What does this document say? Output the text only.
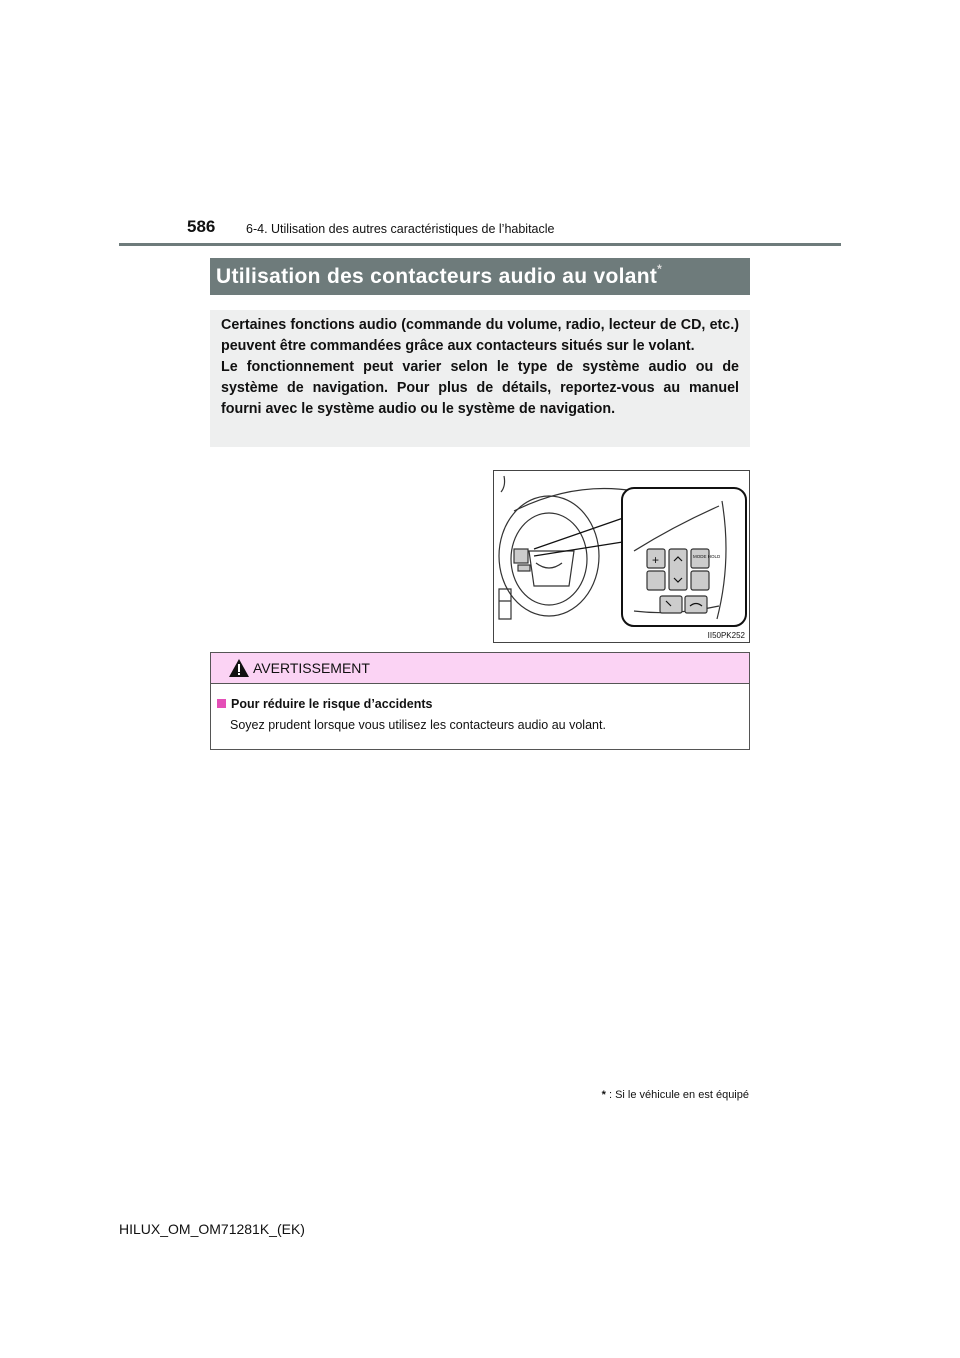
586 6-4. Utilisation des autres caractéristiques de l’habitacle
Utilisation des contacteurs audio au volant*

Certaines fonctions audio (commande du volume, radio, lecteur de CD, etc.) peuvent être commandées grâce aux contacteurs situés sur le volant.

Le fonctionnement peut varier selon le type de système audio ou de système de navigation. Pour plus de détails, reportez-vous au manuel fourni avec le système audio ou le système de navigation.

+	MODE HOLD
II50PK252
AVERTISSEMENT
Pour réduire le risque d’accidents
Soyez prudent lorsque vous utilisez les contacteurs audio au volant.
* : Si le véhicule en est équipé
HILUX_OM_OM71281K_(EK)
